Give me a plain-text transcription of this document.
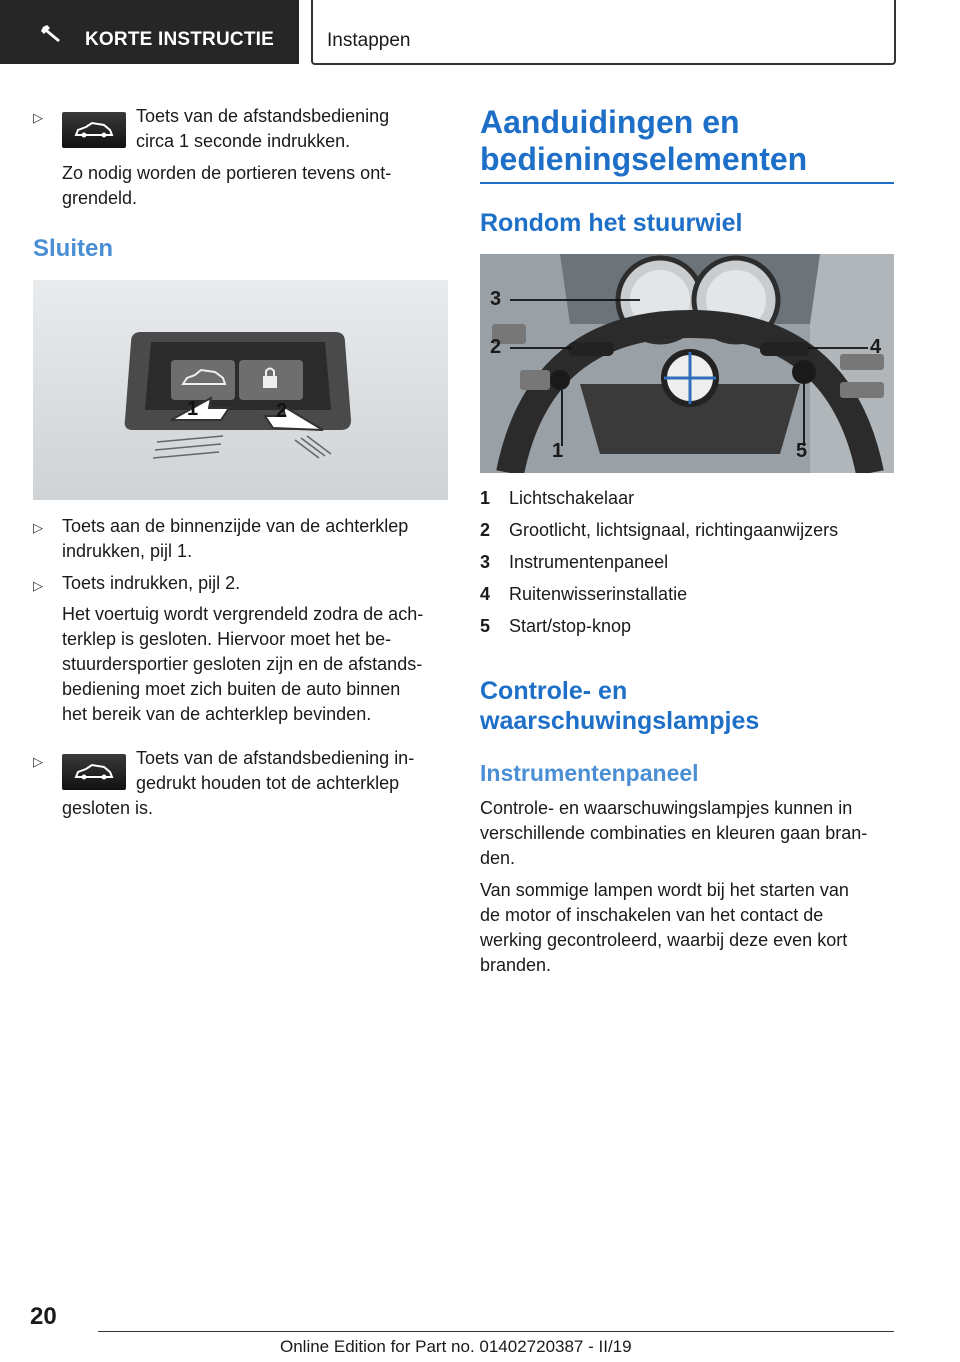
KORTE INSTRUCTIE	Instappen
▷	Toets van de afstandsbediening
circa 1 seconde indrukken.
Zo nodig worden de portieren tevens ont-
grendeld.
Sluiten
1	2
▷ Toets aan de binnenzijde van de achterklep
indrukken, pijl 1.
▷ Toets indrukken, pijl 2.
Het voertuig wordt vergrendeld zodra de ach-
terklep is gesloten. Hiervoor moet het be-
stuurdersportier gesloten zijn en de afstands-
bediening moet zich buiten de auto binnen
het bereik van de achterklep bevinden.
▷	Toets van de afstandsbediening in-
gedrukt houden tot de achterklep
gesloten is.
Aanduidingen en
bedieningselementen
Rondom het stuurwiel
3
2	4
1	5
1 Lichtschakelaar
2 Grootlicht, lichtsignaal, richtingaanwijzers
3 Instrumentenpaneel
4 Ruitenwisserinstallatie
5 Start/stop-knop
Controle- en
waarschuwingslampjes
Instrumentenpaneel
Controle- en waarschuwingslampjes kunnen in
verschillende combinaties en kleuren gaan bran-
den.
Van sommige lampen wordt bij het starten van
de motor of inschakelen van het contact de
werking gecontroleerd, waarbij deze even kort
branden.
20
Online Edition for Part no. 01402720387 - II/19
